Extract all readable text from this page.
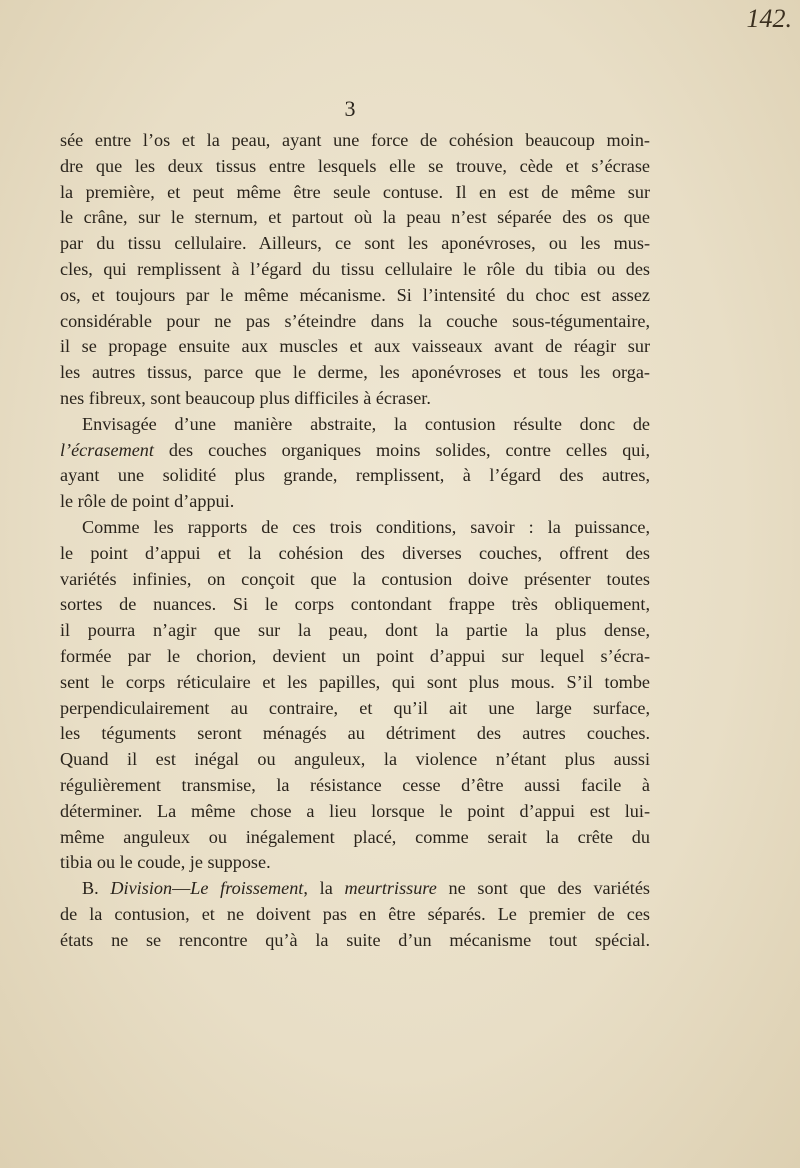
142.
3
sée entre l’os et la peau, ayant une force de cohésion beaucoup moin-
dre que les deux tissus entre lesquels elle se trouve, cède et s’écrase
la première, et peut même être seule contuse. Il en est de même sur
le crâne, sur le sternum, et partout où la peau n’est séparée des os que
par du tissu cellulaire. Ailleurs, ce sont les aponévroses, ou les mus-
cles, qui remplissent à l’égard du tissu cellulaire le rôle du tibia ou des
os, et toujours par le même mécanisme. Si l’intensité du choc est assez
considérable pour ne pas s’éteindre dans la couche sous-tégumentaire,
il se propage ensuite aux muscles et aux vaisseaux avant de réagir sur
les autres tissus, parce que le derme, les aponévroses et tous les orga-
nes fibreux, sont beaucoup plus difficiles à écraser.
Envisagée d’une manière abstraite, la contusion résulte donc de
l’écrasement des couches organiques moins solides, contre celles qui,
ayant une solidité plus grande, remplissent, à l’égard des autres,
le rôle de point d’appui.
Comme les rapports de ces trois conditions, savoir : la puissance,
le point d’appui et la cohésion des diverses couches, offrent des
variétés infinies, on conçoit que la contusion doive présenter toutes
sortes de nuances. Si le corps contondant frappe très obliquement,
il pourra n’agir que sur la peau, dont la partie la plus dense,
formée par le chorion, devient un point d’appui sur lequel s’écra-
sent le corps réticulaire et les papilles, qui sont plus mous. S’il tombe
perpendiculairement au contraire, et qu’il ait une large surface,
les téguments seront ménagés au détriment des autres couches.
Quand il est inégal ou anguleux, la violence n’étant plus aussi
régulièrement transmise, la résistance cesse d’être aussi facile à
déterminer. La même chose a lieu lorsque le point d’appui est lui-
même anguleux ou inégalement placé, comme serait la crête du
tibia ou le coude, je suppose.
B. Division—Le froissement, la meurtrissure ne sont que des variétés
de la contusion, et ne doivent pas en être séparés. Le premier de ces
états ne se rencontre qu’à la suite d’un mécanisme tout spécial.
